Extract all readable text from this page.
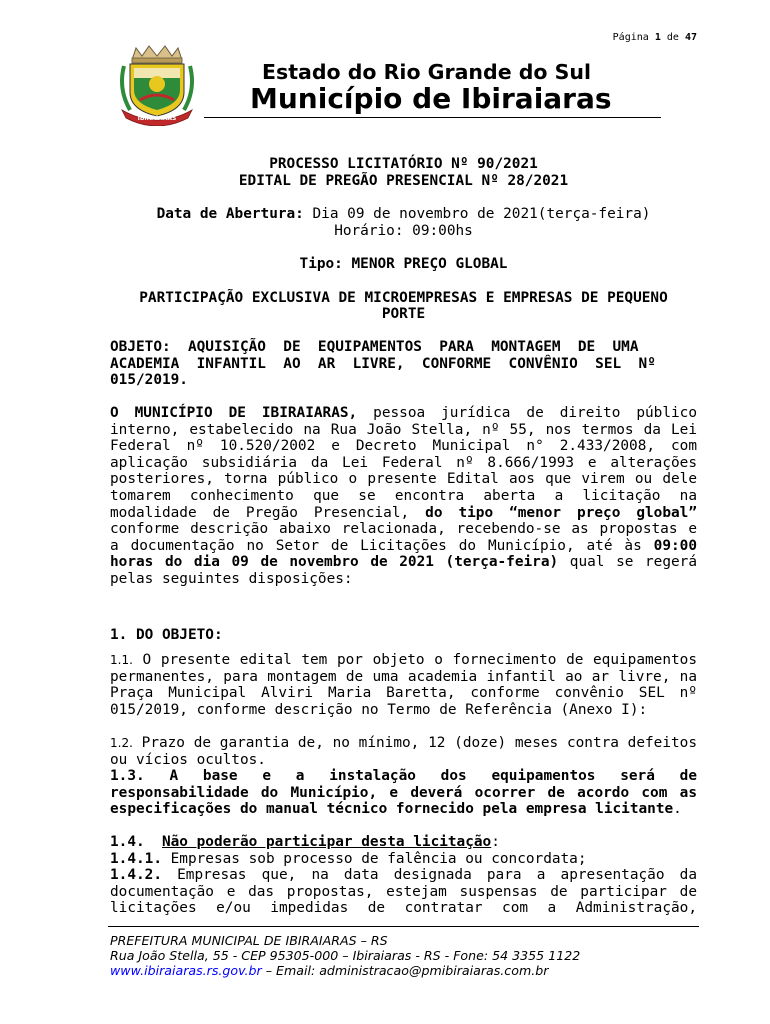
Página 1 de 47
IBIRAIARAS
Estado do Rio Grande do Sul
Município de Ibiraiaras
PROCESSO LICITATÓRIO Nº 90/2021
EDITAL DE PREGÃO PRESENCIAL Nº 28/2021
Data de Abertura: Dia 09 de novembro de 2021(terça-feira)
Horário: 09:00hs
Tipo: MENOR PREÇO GLOBAL
PARTICIPAÇÃO EXCLUSIVA DE MICROEMPRESAS E EMPRESAS DE PEQUENO
PORTE
OBJETO:  AQUISIÇÃO  DE  EQUIPAMENTOS  PARA  MONTAGEM  DE  UMA
ACADEMIA  INFANTIL  AO  AR  LIVRE,  CONFORME  CONVÊNIO  SEL  Nº
015/2019.

O MUNICÍPIO DE IBIRAIARAS, pessoa jurídica de direito público interno, estabelecido na Rua João Stella, nº 55, nos termos da Lei Federal nº 10.520/2002 e Decreto Municipal n° 2.433/2008, com aplicação subsidiária da Lei Federal nº 8.666/1993 e alterações posteriores, torna público o presente Edital aos que virem ou dele tomarem conhecimento que se encontra aberta a licitação na modalidade de Pregão Presencial, do tipo “menor preço global” conforme descrição abaixo relacionada, recebendo-se as propostas e a documentação no Setor de Licitações do Município, até às 09:00 horas do dia 09 de novembro de 2021 (terça-feira) qual se regerá pelas seguintes disposições:

1. DO OBJETO:

1.1. O presente edital tem por objeto o fornecimento de equipamentos permanentes, para montagem de uma academia infantil ao ar livre, na Praça Municipal Alviri Maria Baretta, conforme convênio SEL nº 015/2019, conforme descrição no Termo de Referência (Anexo I):

1.2. Prazo de garantia de, no mínimo, 12 (doze) meses contra defeitos ou vícios ocultos.

1.3. A base e a instalação dos equipamentos será de responsabilidade do Município, e deverá ocorrer de acordo com as especificações do manual técnico fornecido pela empresa licitante.

1.4. Não poderão participar desta licitação:
1.4.1. Empresas sob processo de falência ou concordata;

1.4.2. Empresas que, na data designada para a apresentação da documentação e das propostas, estejam suspensas de participar de licitações e/ou impedidas de contratar com a Administração,

PREFEITURA MUNICIPAL DE IBIRAIARAS – RS
Rua João Stella, 55 - CEP 95305-000 – Ibiraiaras - RS - Fone: 54 3355 1122
www.ibiraiaras.rs.gov.br – Email: administracao@pmibiraiaras.com.br
